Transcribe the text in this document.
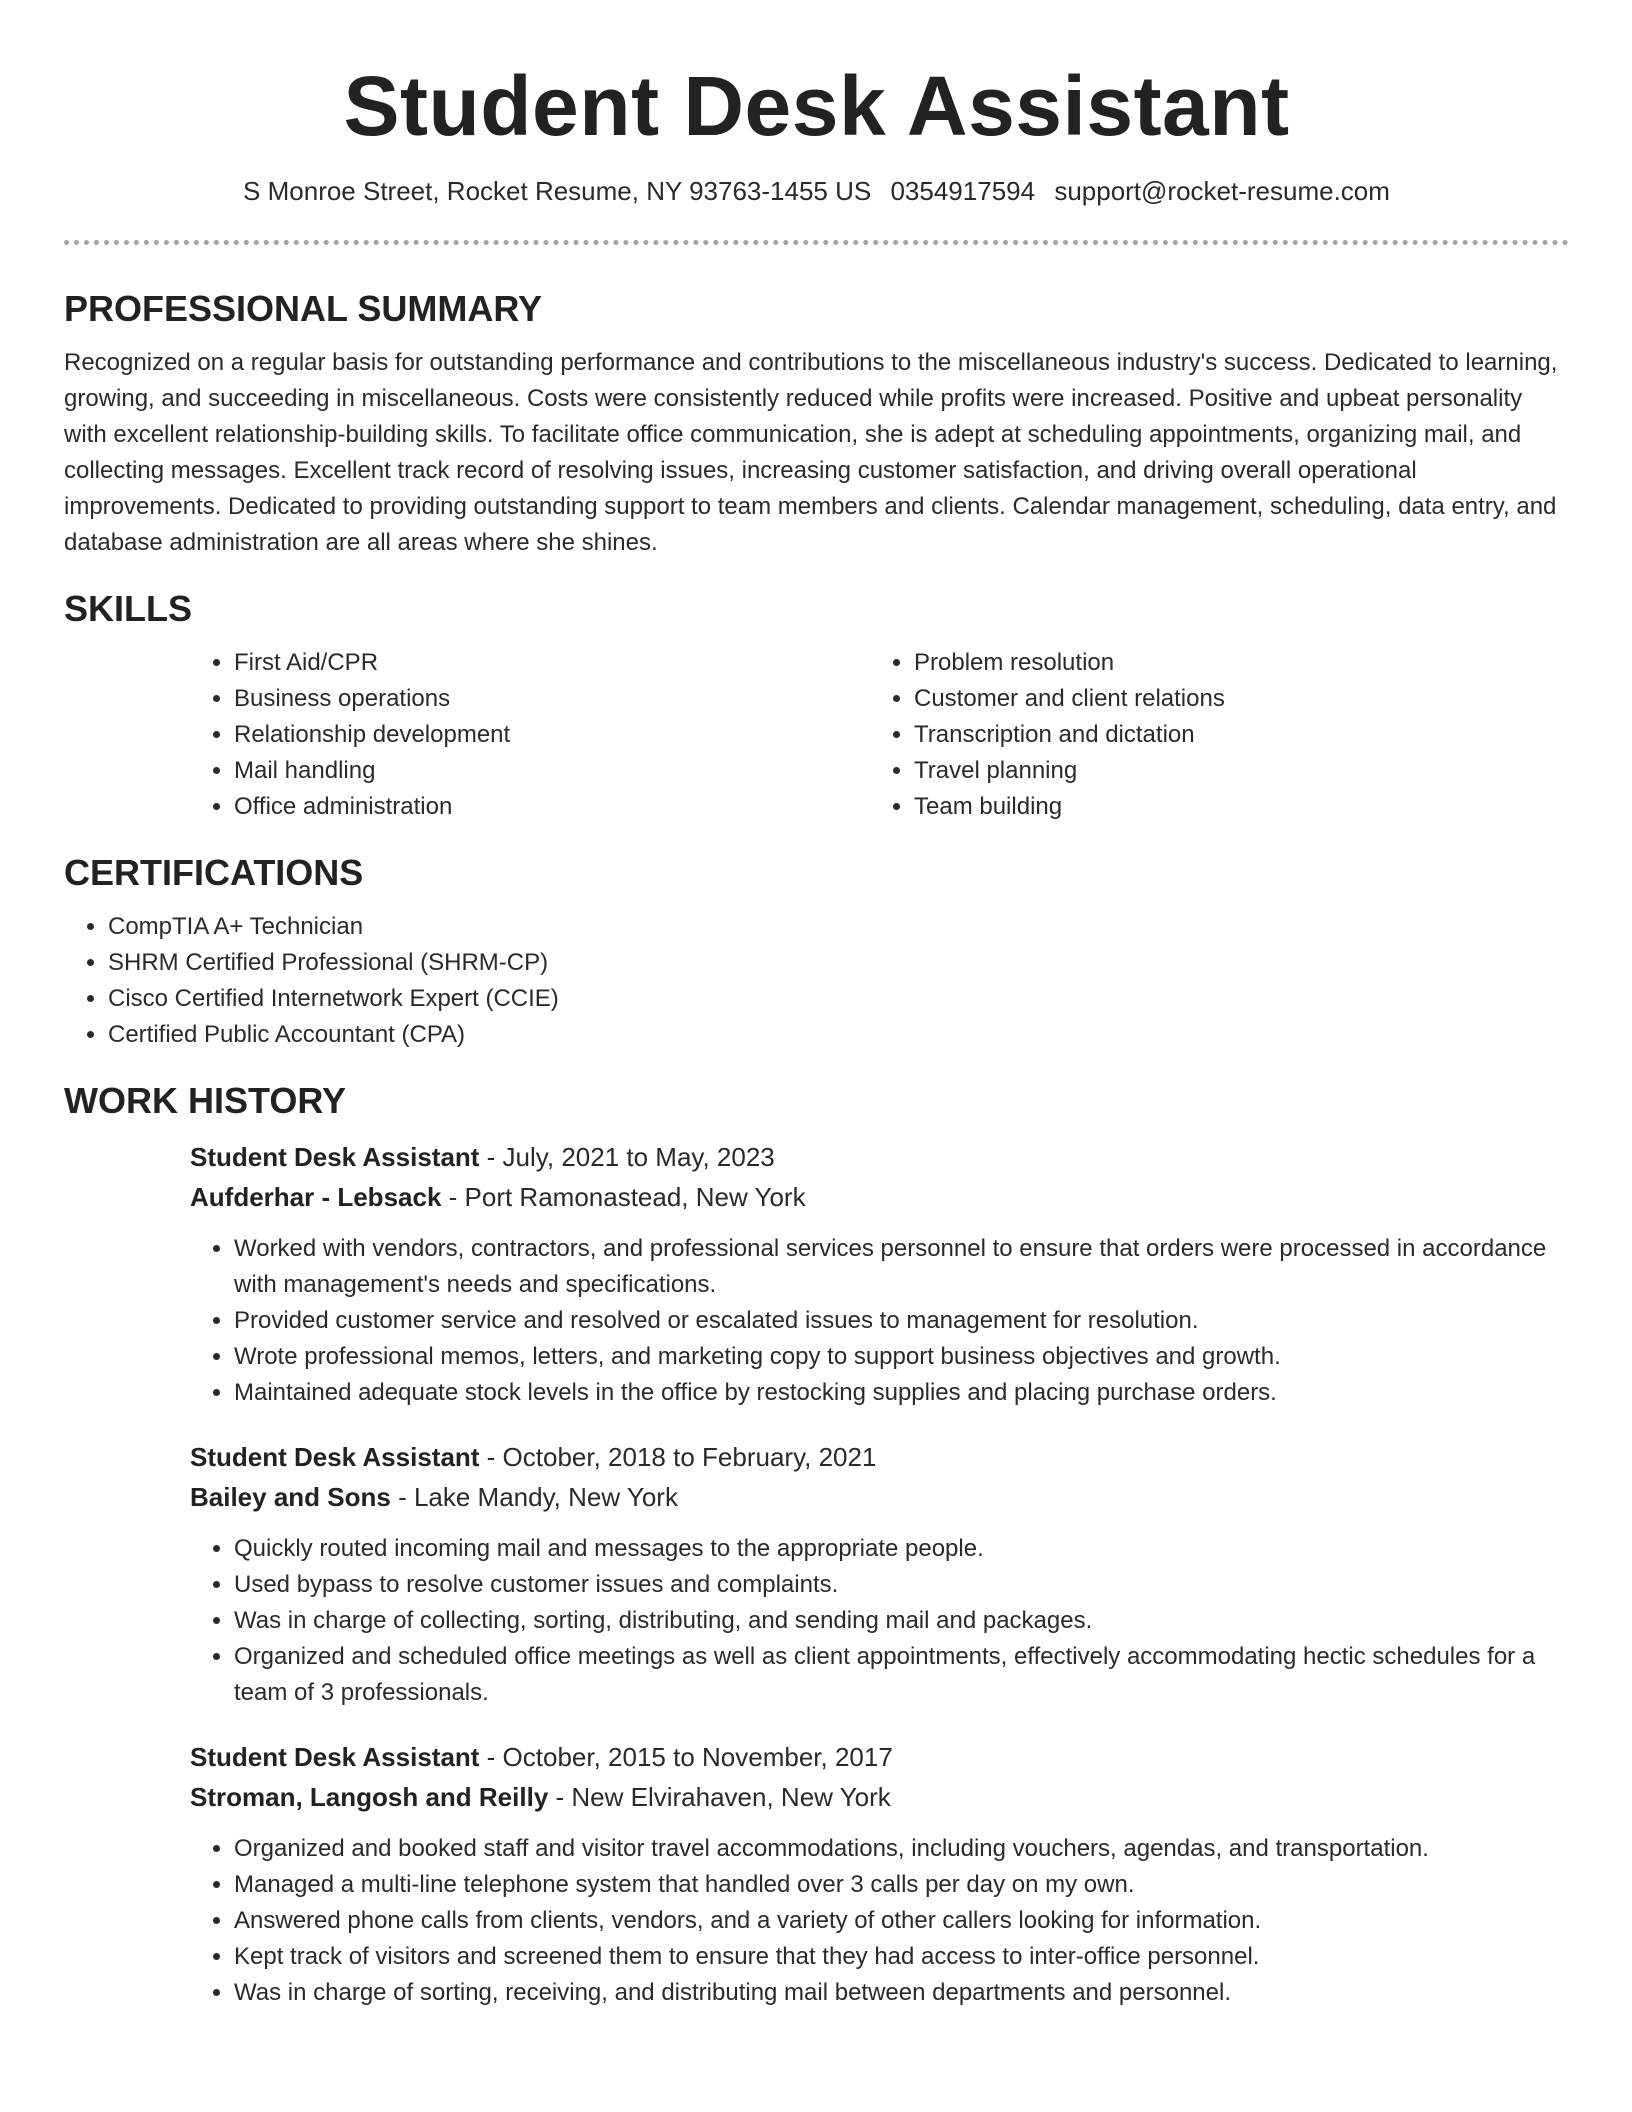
Student Desk Assistant
S Monroe Street, Rocket Resume, NY 93763-1455 US 0354917594 support@rocket-resume.com
PROFESSIONAL SUMMARY

Recognized on a regular basis for outstanding performance and contributions to the miscellaneous industry's success. Dedicated to learning, growing, and succeeding in miscellaneous. Costs were consistently reduced while profits were increased. Positive and upbeat personality with excellent relationship-building skills. To facilitate office communication, she is adept at scheduling appointments, organizing mail, and collecting messages. Excellent track record of resolving issues, increasing customer satisfaction, and driving overall operational improvements. Dedicated to providing outstanding support to team members and clients. Calendar management, scheduling, data entry, and database administration are all areas where she shines.

SKILLS
• First Aid/CPR
• Business operations
• Relationship development
• Mail handling
• Office administration
• Problem resolution
• Customer and client relations
• Transcription and dictation
• Travel planning
• Team building
CERTIFICATIONS
• CompTIA A+ Technician
• SHRM Certified Professional (SHRM-CP)
• Cisco Certified Internetwork Expert (CCIE)
• Certified Public Accountant (CPA)
WORK HISTORY
Student Desk Assistant - July, 2021 to May, 2023
Aufderhar - Lebsack - Port Ramonastead, New York
• Worked with vendors, contractors, and professional services personnel to ensure that orders were processed in accordance with management's needs and specifications.
• Provided customer service and resolved or escalated issues to management for resolution.
• Wrote professional memos, letters, and marketing copy to support business objectives and growth.
• Maintained adequate stock levels in the office by restocking supplies and placing purchase orders.
Student Desk Assistant - October, 2018 to February, 2021
Bailey and Sons - Lake Mandy, New York
• Quickly routed incoming mail and messages to the appropriate people.
• Used bypass to resolve customer issues and complaints.
• Was in charge of collecting, sorting, distributing, and sending mail and packages.
• Organized and scheduled office meetings as well as client appointments, effectively accommodating hectic schedules for a team of 3 professionals.
Student Desk Assistant - October, 2015 to November, 2017
Stroman, Langosh and Reilly - New Elvirahaven, New York
• Organized and booked staff and visitor travel accommodations, including vouchers, agendas, and transportation.
• Managed a multi-line telephone system that handled over 3 calls per day on my own.
• Answered phone calls from clients, vendors, and a variety of other callers looking for information.
• Kept track of visitors and screened them to ensure that they had access to inter-office personnel.
• Was in charge of sorting, receiving, and distributing mail between departments and personnel.
